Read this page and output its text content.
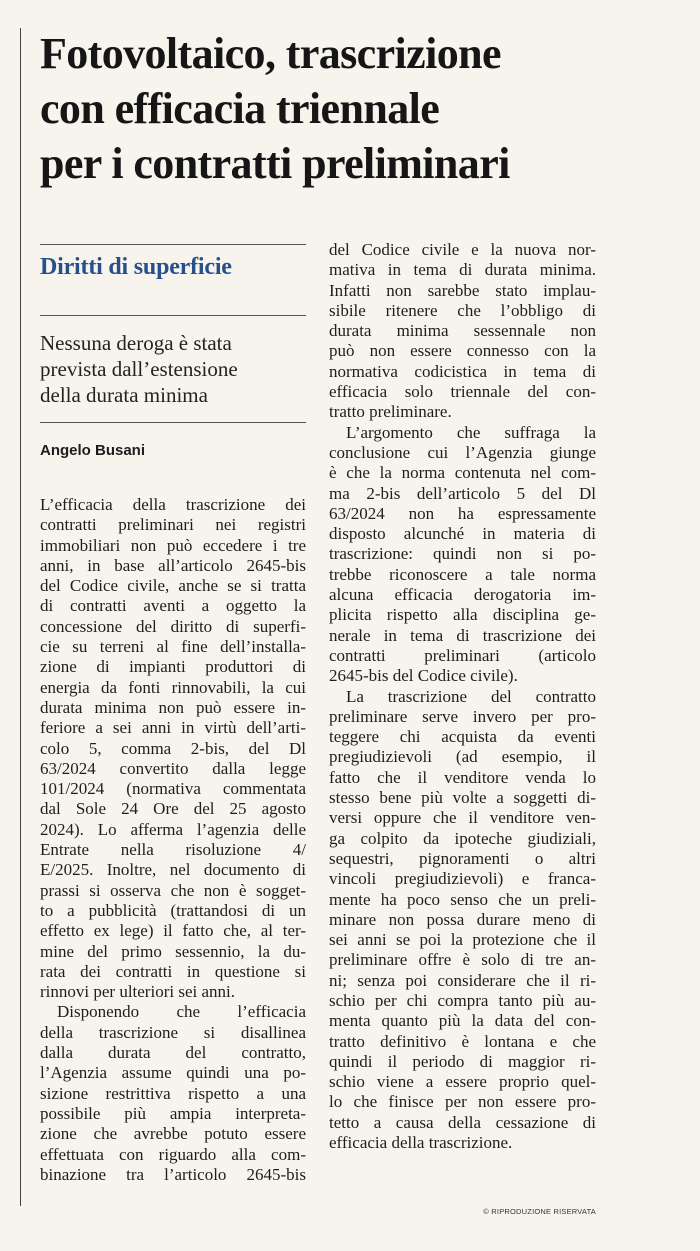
Fotovoltaico, trascrizione
con efficacia triennale
per i contratti preliminari
Diritti di superficie
Nessuna deroga è stata
prevista dall’estensione
della durata minima
Angelo Busani
L’efficacia della trascrizione dei
contratti preliminari nei registri
immobiliari non può eccedere i tre
anni, in base all’articolo 2645-bis
del Codice civile, anche se si tratta
di contratti aventi a oggetto la
concessione del diritto di superfi-
cie su terreni al fine dell’installa-
zione di impianti produttori di
energia da fonti rinnovabili, la cui
durata minima non può essere in-
feriore a sei anni in virtù dell’arti-
colo 5, comma 2-bis, del Dl
63/2024 convertito dalla legge
101/2024 (normativa commentata
dal Sole 24 Ore del 25 agosto
2024). Lo afferma l’agenzia delle
Entrate nella risoluzione 4/
E/2025. Inoltre, nel documento di
prassi si osserva che non è sogget-
to a pubblicità (trattandosi di un
effetto ex lege) il fatto che, al ter-
mine del primo sessennio, la du-
rata dei contratti in questione si
rinnovi per ulteriori sei anni.
Disponendo che l’efficacia
della trascrizione si disallinea
dalla durata del contratto,
l’Agenzia assume quindi una po-
sizione restrittiva rispetto a una
possibile più ampia interpreta-
zione che avrebbe potuto essere
effettuata con riguardo alla com-
binazione tra l’articolo 2645-bis
del Codice civile e la nuova nor-
mativa in tema di durata minima.
Infatti non sarebbe stato implau-
sibile ritenere che l’obbligo di
durata minima sessennale non
può non essere connesso con la
normativa codicistica in tema di
efficacia solo triennale del con-
tratto preliminare.
L’argomento che suffraga la
conclusione cui l’Agenzia giunge
è che la norma contenuta nel com-
ma 2-bis dell’articolo 5 del Dl
63/2024 non ha espressamente
disposto alcunché in materia di
trascrizione: quindi non si po-
trebbe riconoscere a tale norma
alcuna efficacia derogatoria im-
plicita rispetto alla disciplina ge-
nerale in tema di trascrizione dei
contratti preliminari (articolo
2645-bis del Codice civile).
La trascrizione del contratto
preliminare serve invero per pro-
teggere chi acquista da eventi
pregiudizievoli (ad esempio, il
fatto che il venditore venda lo
stesso bene più volte a soggetti di-
versi oppure che il venditore ven-
ga colpito da ipoteche giudiziali,
sequestri, pignoramenti o altri
vincoli pregiudizievoli) e franca-
mente ha poco senso che un preli-
minare non possa durare meno di
sei anni se poi la protezione che il
preliminare offre è solo di tre an-
ni; senza poi considerare che il ri-
schio per chi compra tanto più au-
menta quanto più la data del con-
tratto definitivo è lontana e che
quindi il periodo di maggior ri-
schio viene a essere proprio quel-
lo che finisce per non essere pro-
tetto a causa della cessazione di
efficacia della trascrizione.
© RIPRODUZIONE RISERVATA
